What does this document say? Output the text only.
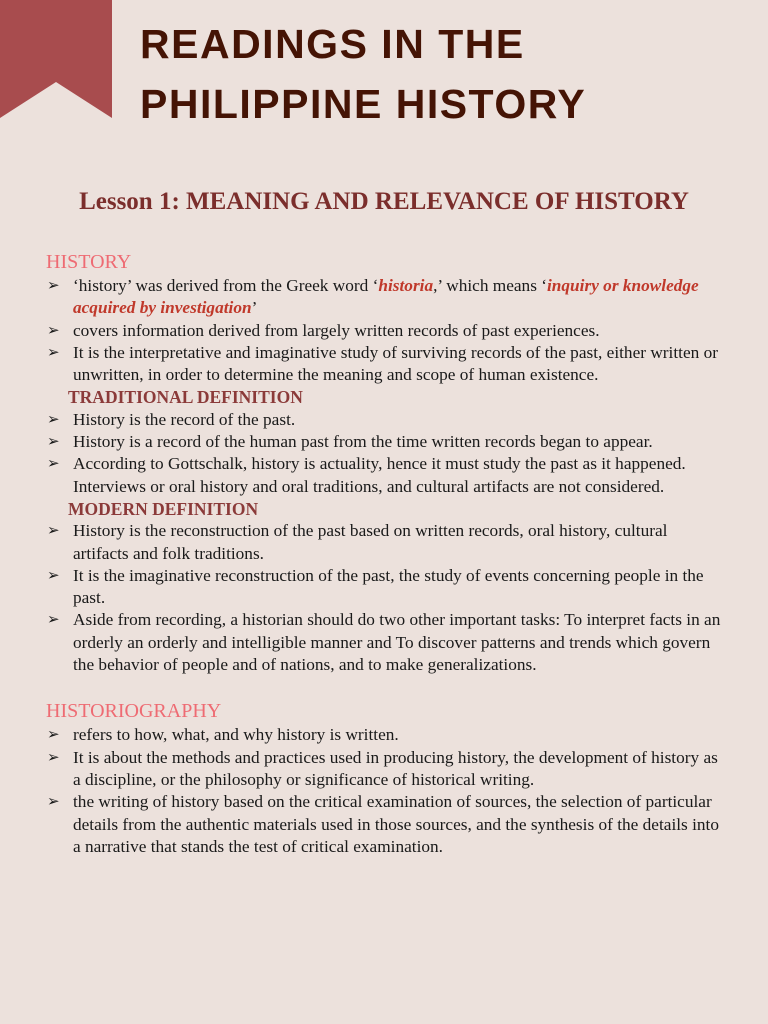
READINGS IN THE
PHILIPPINE HISTORY
Lesson 1: MEANING AND RELEVANCE OF HISTORY

HISTORY

➢ ‘history’ was derived from the Greek word ‘historia,’ which means ‘inquiry or knowledge acquired by investigation’
➢ covers information derived from largely written records of past experiences.
➢ It is the interpretative and imaginative study of surviving records of the past, either written or unwritten, in order to determine the meaning and scope of human existence.

TRADITIONAL DEFINITION

➢ History is the record of the past.
➢ History is a record of the human past from the time written records began to appear.
➢ According to Gottschalk, history is actuality, hence it must study the past as it happened. Interviews or oral history and oral traditions, and cultural artifacts are not considered.

MODERN DEFINITION

➢ History is the reconstruction of the past based on written records, oral history, cultural artifacts and folk traditions.
➢ It is the imaginative reconstruction of the past, the study of events concerning people in the past.
➢ Aside from recording, a historian should do two other important tasks: To interpret facts in an orderly an orderly and intelligible manner and To discover patterns and trends which govern the behavior of people and of nations, and to make generalizations.

HISTORIOGRAPHY

➢ refers to how, what, and why history is written.
➢ It is about the methods and practices used in producing history, the development of history as a discipline, or the philosophy or significance of historical writing.
➢ the writing of history based on the critical examination of sources, the selection of particular details from the authentic materials used in those sources, and the synthesis of the details into a narrative that stands the test of critical examination.
